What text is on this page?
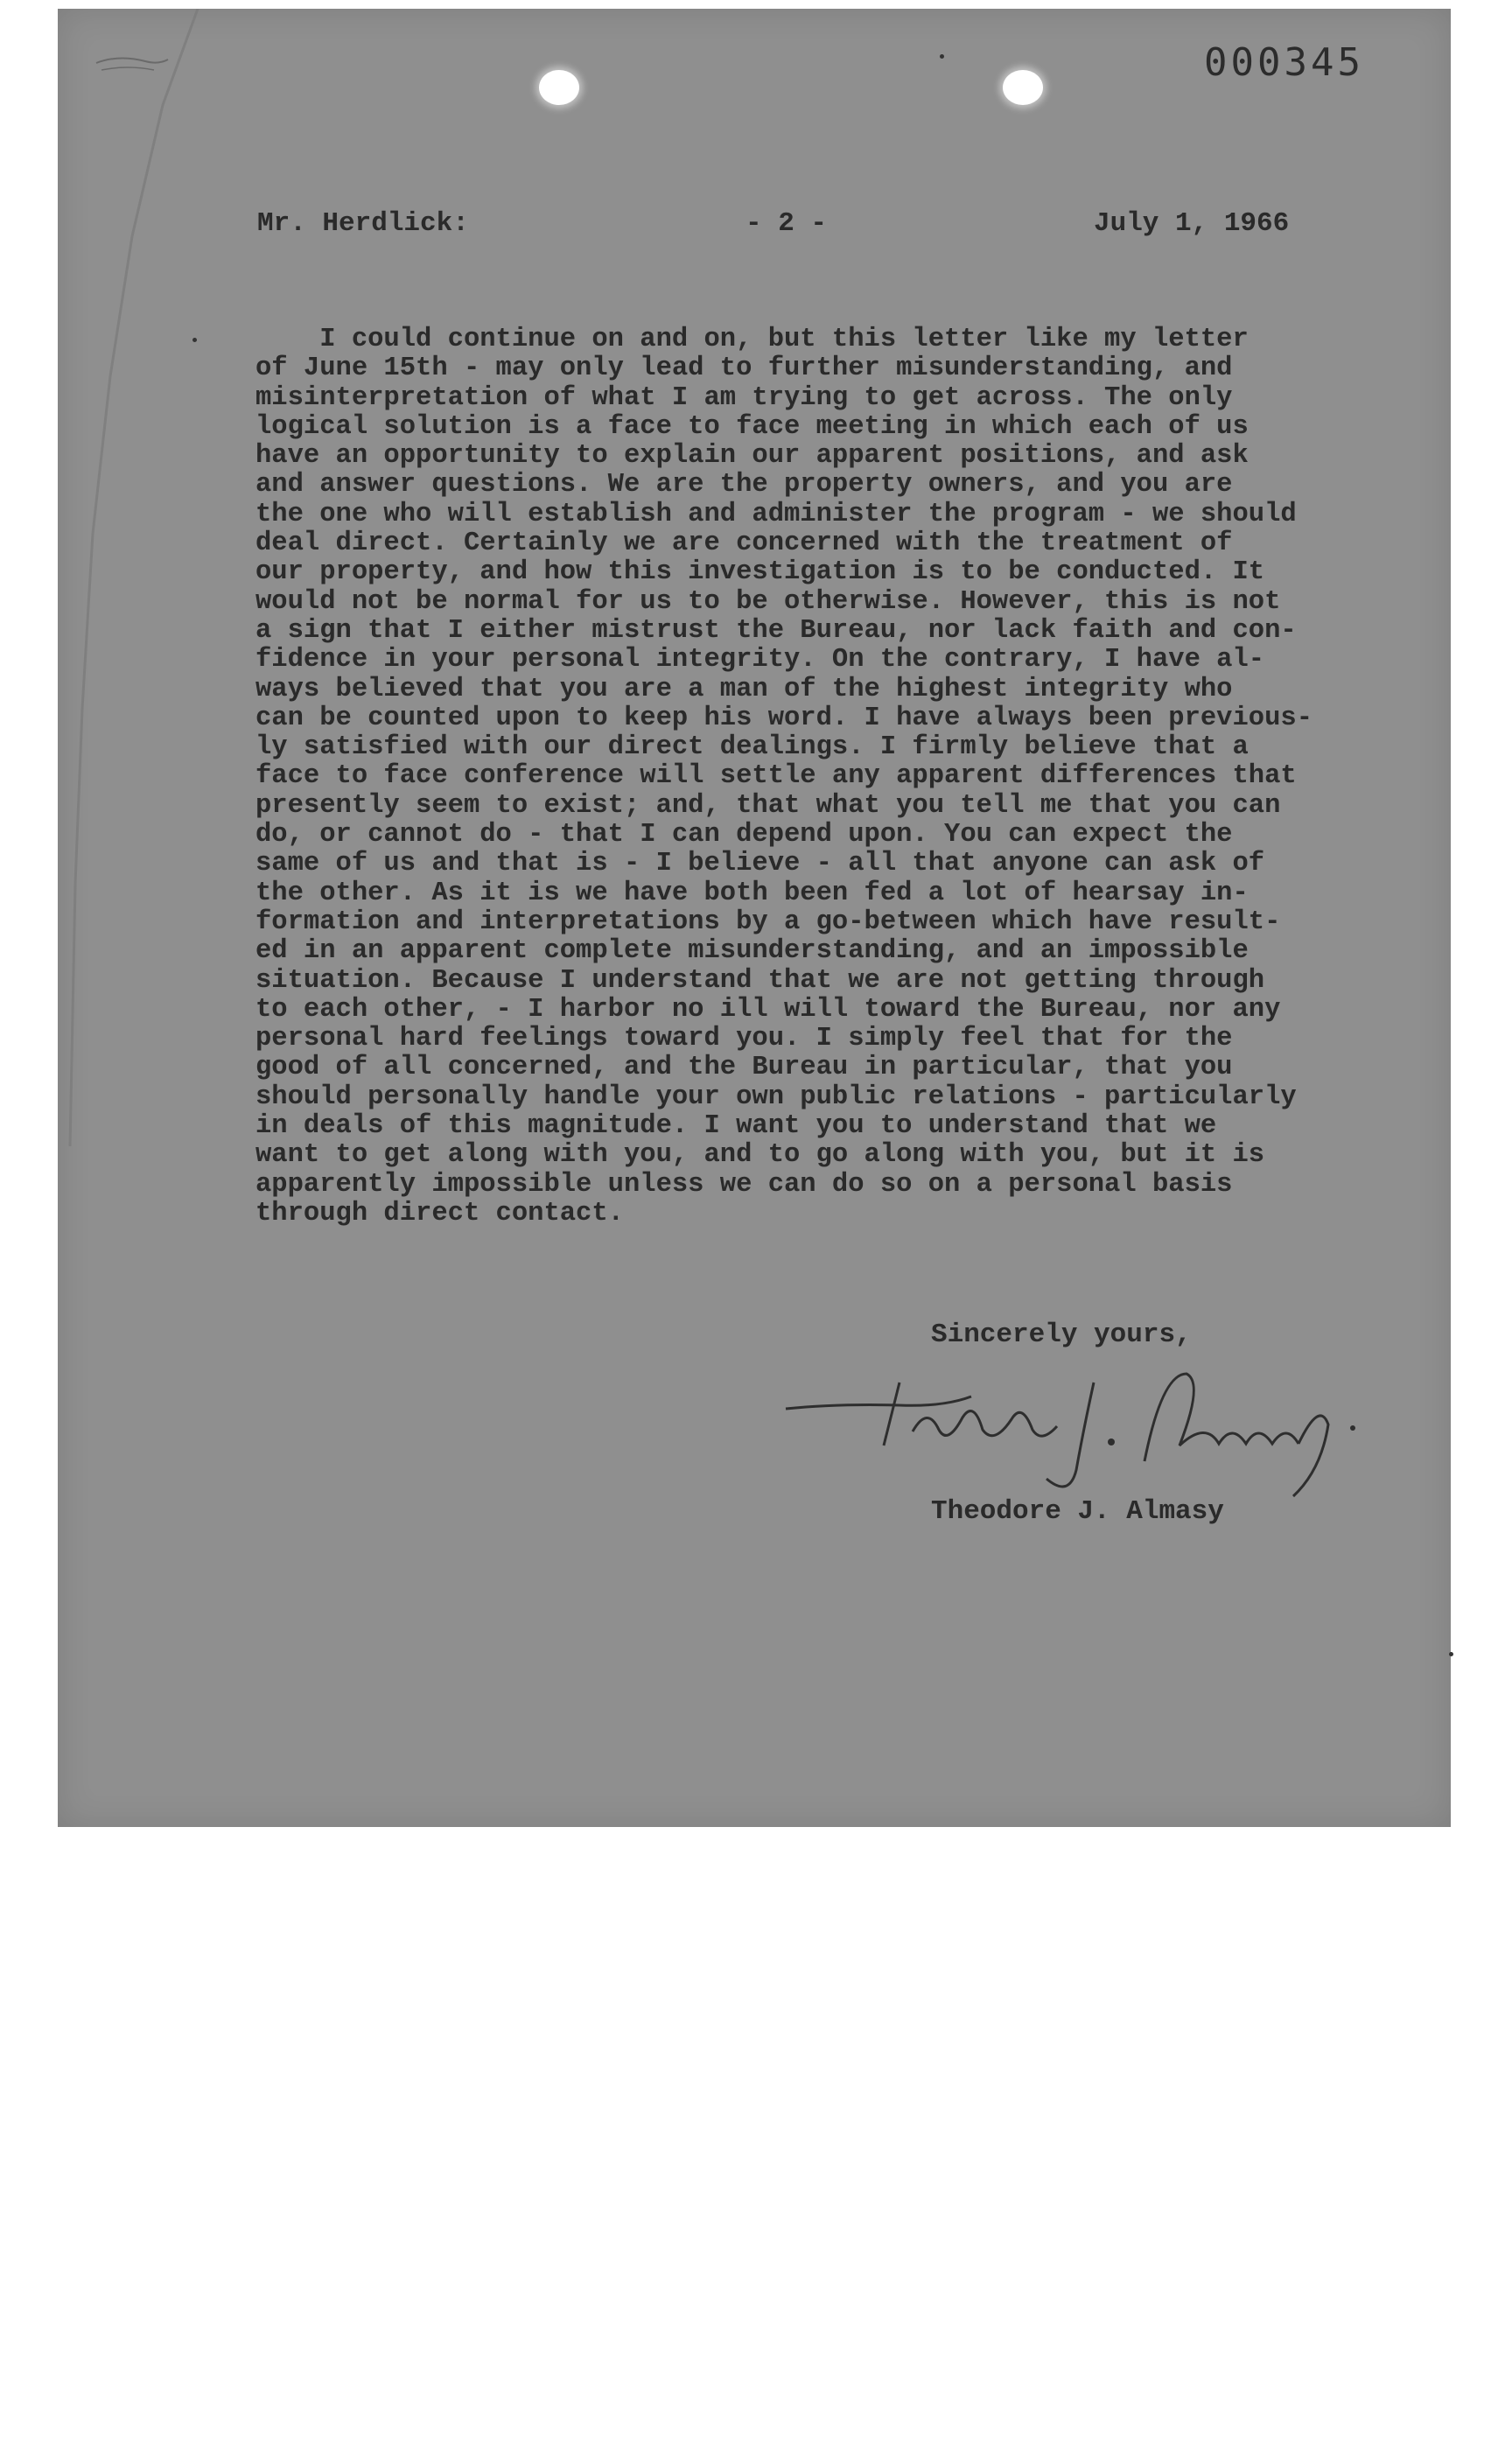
000345
Mr. Herdlick:	- 2 -	July 1, 1966
I could continue on and on, but this letter like my letter
of June 15th - may only lead to further misunderstanding, and
misinterpretation of what I am trying to get across. The only
logical solution is a face to face meeting in which each of us
have an opportunity to explain our apparent positions, and ask
and answer questions. We are the property owners, and you are
the one who will establish and administer the program - we should
deal direct. Certainly we are concerned with the treatment of
our property, and how this investigation is to be conducted. It
would not be normal for us to be otherwise. However, this is not
a sign that I either mistrust the Bureau, nor lack faith and con-
fidence in your personal integrity. On the contrary, I have al-
ways believed that you are a man of the highest integrity who
can be counted upon to keep his word. I have always been previous-
ly satisfied with our direct dealings. I firmly believe that a
face to face conference will settle any apparent differences that
presently seem to exist; and, that what you tell me that you can
do, or cannot do - that I can depend upon. You can expect the
same of us and that is - I believe - all that anyone can ask of
the other. As it is we have both been fed a lot of hearsay in-
formation and interpretations by a go-between which have result-
ed in an apparent complete misunderstanding, and an impossible
situation. Because I understand that we are not getting through
to each other, - I harbor no ill will toward the Bureau, nor any
personal hard feelings toward you. I simply feel that for the
good of all concerned, and the Bureau in particular, that you
should personally handle your own public relations - particularly
in deals of this magnitude. I want you to understand that we
want to get along with you, and to go along with you, but it is
apparently impossible unless we can do so on a personal basis
through direct contact.
Sincerely yours,
Theodore J. Almasy
